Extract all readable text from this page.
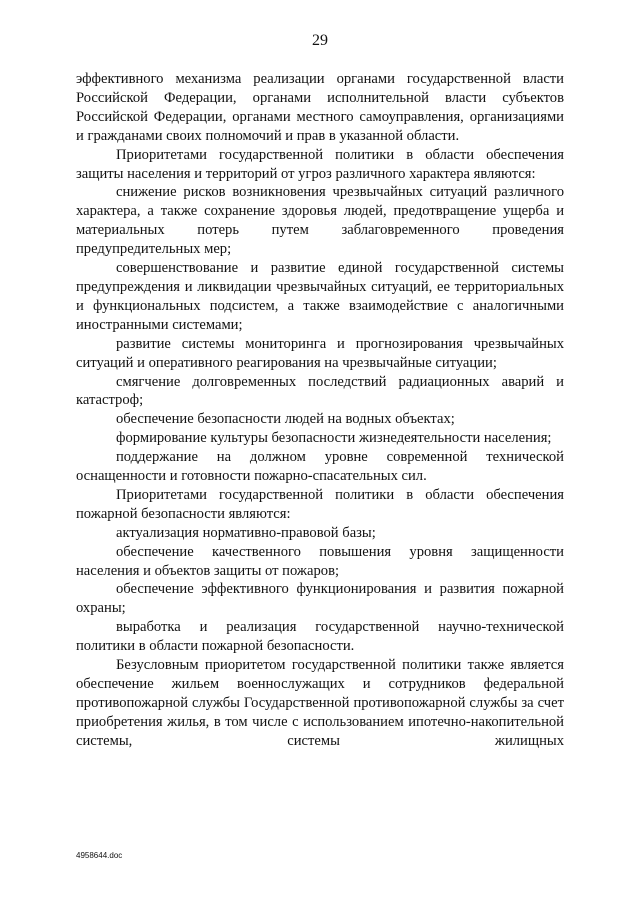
29

эффективного механизма реализации органами государственной власти Российской Федерации, органами исполнительной власти субъектов Российской Федерации, органами местного самоуправления, организациями и гражданами своих полномочий и прав в указанной области.

Приоритетами государственной политики в области обеспечения защиты населения и территорий от угроз различного характера являются:

снижение рисков возникновения чрезвычайных ситуаций различного характера, а также сохранение здоровья людей, предотвращение ущерба и материальных потерь путем заблаговременного проведения предупредительных мер;

совершенствование и развитие единой государственной системы предупреждения и ликвидации чрезвычайных ситуаций, ее территориальных и функциональных подсистем, а также взаимодействие с аналогичными иностранными системами;

развитие системы мониторинга и прогнозирования чрезвычайных ситуаций и оперативного реагирования на чрезвычайные ситуации;

смягчение долговременных последствий радиационных аварий и катастроф;

обеспечение безопасности людей на водных объектах;

формирование культуры безопасности жизнедеятельности населения;

поддержание на должном уровне современной технической оснащенности и готовности пожарно-спасательных сил.

Приоритетами государственной политики в области обеспечения пожарной безопасности являются:

актуализация нормативно-правовой базы;

обеспечение качественного повышения уровня защищенности населения и объектов защиты от пожаров;

обеспечение эффективного функционирования и развития пожарной охраны;

выработка и реализация государственной научно-технической политики в области пожарной безопасности.

Безусловным приоритетом государственной политики также является обеспечение жильем военнослужащих и сотрудников федеральной противопожарной службы Государственной противопожарной службы за счет приобретения жилья, в том числе с использованием ипотечно-накопительной системы, системы жилищных

4958644.doc
